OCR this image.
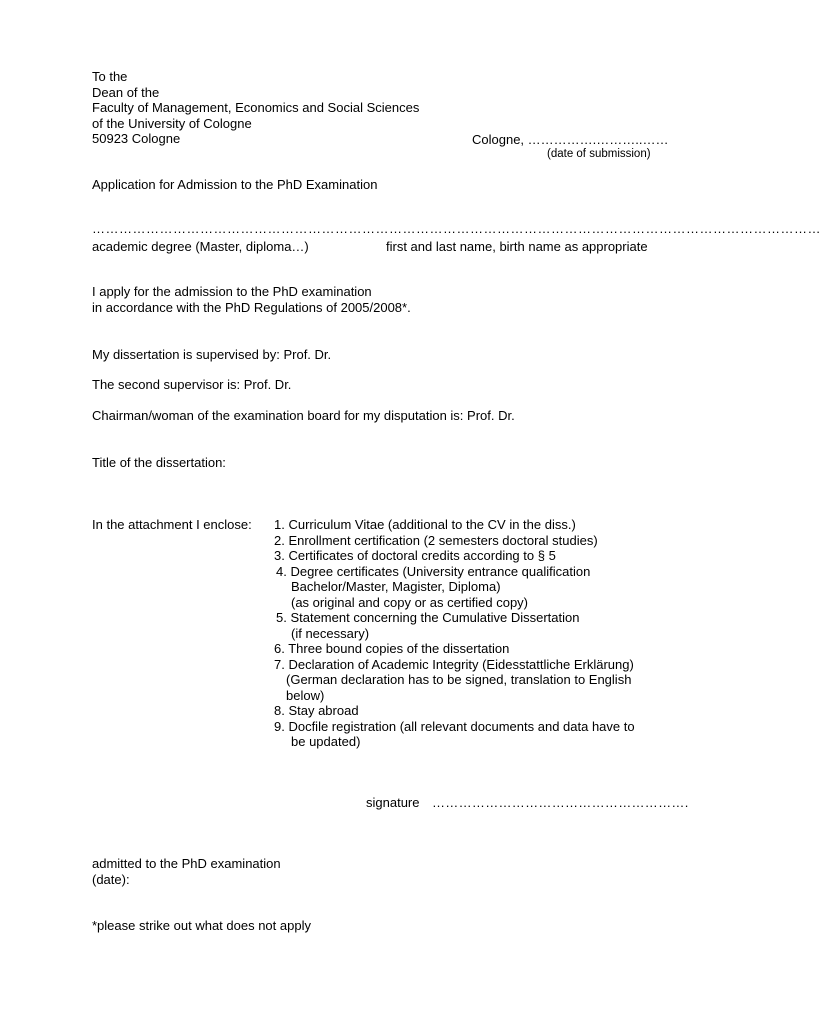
To the
Dean of the
Faculty of Management, Economics and Social Sciences
of the University of Cologne
50923 Cologne	Cologne, …………….………..……
(date of submission)
Application for Admission to the PhD Examination
………………………………………………………………………………………………………………………………………………
academic degree (Master, diploma…)	first and last name, birth name as appropriate
I apply for the admission to the PhD examination
in accordance with the PhD Regulations of 2005/2008*.
My dissertation is supervised by: Prof. Dr.
The second supervisor is: Prof. Dr.
Chairman/woman of the examination board for my disputation is: Prof. Dr.
Title of the dissertation:
In the attachment I enclose: 1. Curriculum Vitae (additional to the CV in the diss.)
2. Enrollment certification (2 semesters doctoral studies)
3. Certificates of doctoral credits according to § 5
4. Degree certificates (University entrance qualification
Bachelor/Master, Magister, Diploma)
(as original and copy or as certified copy)
5. Statement concerning the Cumulative Dissertation
(if necessary)
6. Three bound copies of the dissertation
7. Declaration of Academic Integrity (Eidesstattliche Erklärung)
(German declaration has to be signed, translation to English
below)
8. Stay abroad
9. Docfile registration (all relevant documents and data have to
be updated)
signature ………………………………………………….
admitted to the PhD examination
(date):
*please strike out what does not apply
